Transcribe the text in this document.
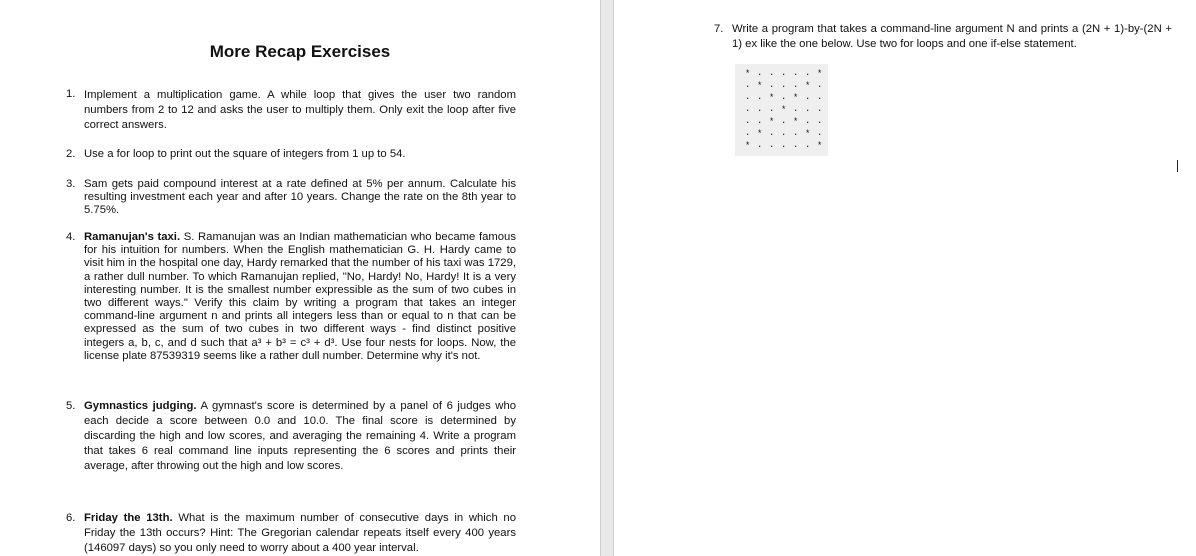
More Recap Exercises
1. Implement a multiplication game. A while loop that gives the user two random numbers from 2 to 12 and asks the user to multiply them. Only exit the loop after five correct answers.
2. Use a for loop to print out the square of integers from 1 up to 54.
3. Sam gets paid compound interest at a rate defined at 5% per annum. Calculate his resulting investment each year and after 10 years. Change the rate on the 8th year to 5.75%.
4. Ramanujan's taxi. S. Ramanujan was an Indian mathematician who became famous for his intuition for numbers. When the English mathematician G. H. Hardy came to visit him in the hospital one day, Hardy remarked that the number of his taxi was 1729, a rather dull number. To which Ramanujan replied, "No, Hardy! No, Hardy! It is a very interesting number. It is the smallest number expressible as the sum of two cubes in two different ways." Verify this claim by writing a program that takes an integer command-line argument n and prints all integers less than or equal to n that can be expressed as the sum of two cubes in two different ways - find distinct positive integers a, b, c, and d such that a³ + b³ = c³ + d³. Use four nests for loops. Now, the license plate 87539319 seems like a rather dull number. Determine why it's not.
5. Gymnastics judging. A gymnast's score is determined by a panel of 6 judges who each decide a score between 0.0 and 10.0. The final score is determined by discarding the high and low scores, and averaging the remaining 4. Write a program that takes 6 real command line inputs representing the 6 scores and prints their average, after throwing out the high and low scores.
6. Friday the 13th. What is the maximum number of consecutive days in which no Friday the 13th occurs? Hint: The Gregorian calendar repeats itself every 400 years (146097 days) so you only need to worry about a 400 year interval.
7. Write a program that takes a command-line argument N and prints a (2N + 1)-by-(2N + 1) ex like the one below. Use two for loops and one if-else statement.
* . . . . . *
. * . . . * .
. . * . * . .
. . . * . . .
. . * . * . .
. * . . . * .
* . . . . . *
